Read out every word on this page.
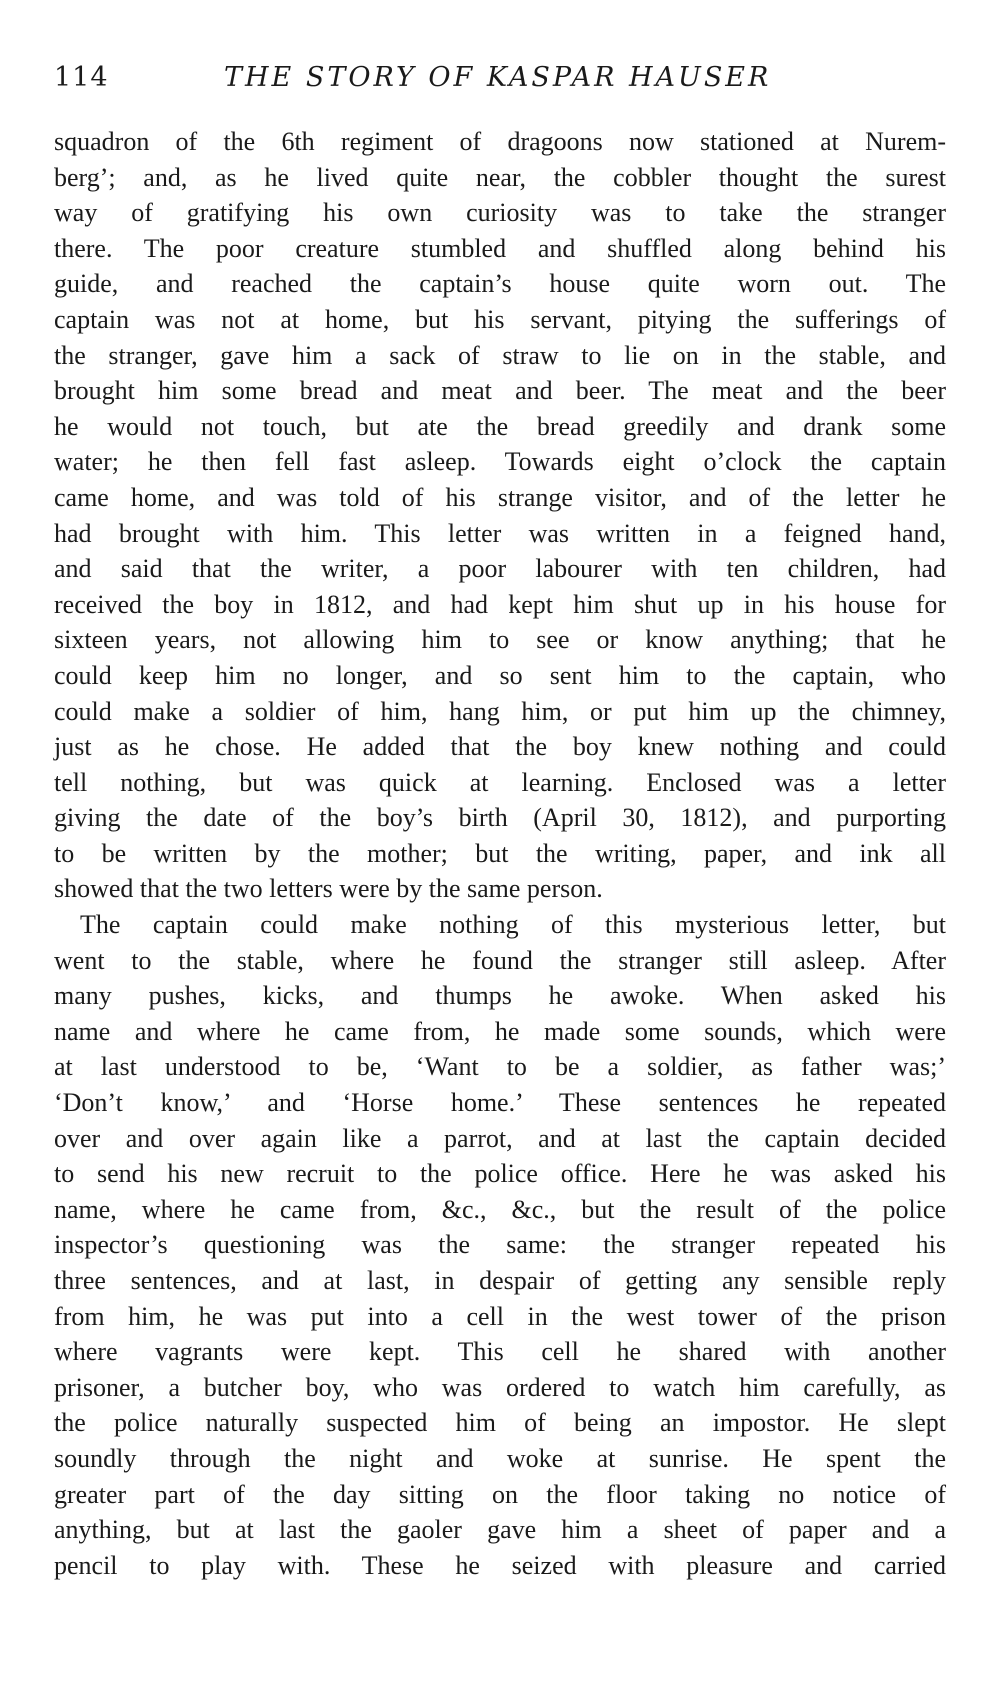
114	THE STORY OF KASPAR HAUSER
squadron of the 6th regiment of dragoons now stationed at Nurem-
berg’; and, as he lived quite near, the cobbler thought the surest
way of gratifying his own curiosity was to take the stranger
there. The poor creature stumbled and shuffled along behind his
guide, and reached the captain’s house quite worn out. The
captain was not at home, but his servant, pitying the sufferings of
the stranger, gave him a sack of straw to lie on in the stable, and
brought him some bread and meat and beer. The meat and the beer
he would not touch, but ate the bread greedily and drank some
water; he then fell fast asleep. Towards eight o’clock the captain
came home, and was told of his strange visitor, and of the letter he
had brought with him. This letter was written in a feigned hand,
and said that the writer, a poor labourer with ten children, had
received the boy in 1812, and had kept him shut up in his house for
sixteen years, not allowing him to see or know anything; that he
could keep him no longer, and so sent him to the captain, who
could make a soldier of him, hang him, or put him up the chimney,
just as he chose. He added that the boy knew nothing and could
tell nothing, but was quick at learning. Enclosed was a letter
giving the date of the boy’s birth (April 30, 1812), and purporting
to be written by the mother; but the writing, paper, and ink all
showed that the two letters were by the same person.
The captain could make nothing of this mysterious letter, but
went to the stable, where he found the stranger still asleep. After
many pushes, kicks, and thumps he awoke. When asked his
name and where he came from, he made some sounds, which were
at last understood to be, ‘Want to be a soldier, as father was;’
‘Don’t know,’ and ‘Horse home.’ These sentences he repeated
over and over again like a parrot, and at last the captain decided
to send his new recruit to the police office. Here he was asked his
name, where he came from, &c., &c., but the result of the police
inspector’s questioning was the same: the stranger repeated his
three sentences, and at last, in despair of getting any sensible reply
from him, he was put into a cell in the west tower of the prison
where vagrants were kept. This cell he shared with another
prisoner, a butcher boy, who was ordered to watch him carefully, as
the police naturally suspected him of being an impostor. He slept
soundly through the night and woke at sunrise. He spent the
greater part of the day sitting on the floor taking no notice of
anything, but at last the gaoler gave him a sheet of paper and a
pencil to play with. These he seized with pleasure and carried
